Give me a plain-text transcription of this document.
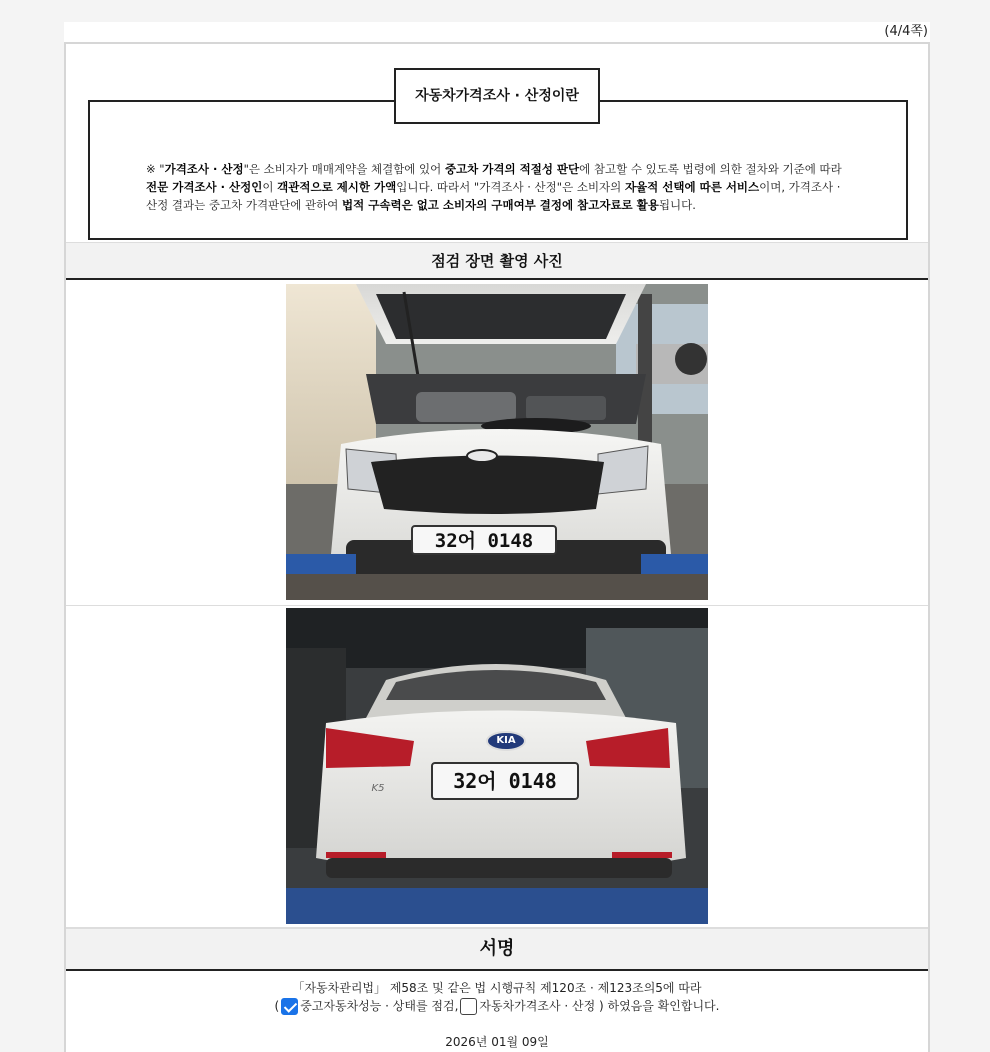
(4/4쪽)
※ "가격조사 · 산정"은 소비자가 매매계약을 체결함에 있어 중고차 가격의 적절성 판단에 참고할 수 있도록 법령에 의한 절차와 기준에 따라 전문 가격조사 · 산정인이 객관적으로 제시한 가액입니다. 따라서 "가격조사 · 산정"은 소비자의 자율적 선택에 따른 서비스이며, 가격조사 · 산정 결과는 중고차 가격판단에 관하여 법적 구속력은 없고 소비자의 구매여부 결정에 참고자료로 활용됩니다.
자동차가격조사 · 산정이란
점검 장면 촬영 사진
32어 0148
KIA
K5	32어 0148
서명
「자동차관리법」 제58조 및 같은 법 시행규칙 제120조 · 제123조의5에 따라
( 중고자동차성능 · 상태를 점검, 자동차가격조사 · 산정 ) 하였음을 확인합니다.
2026년 01월 09일
